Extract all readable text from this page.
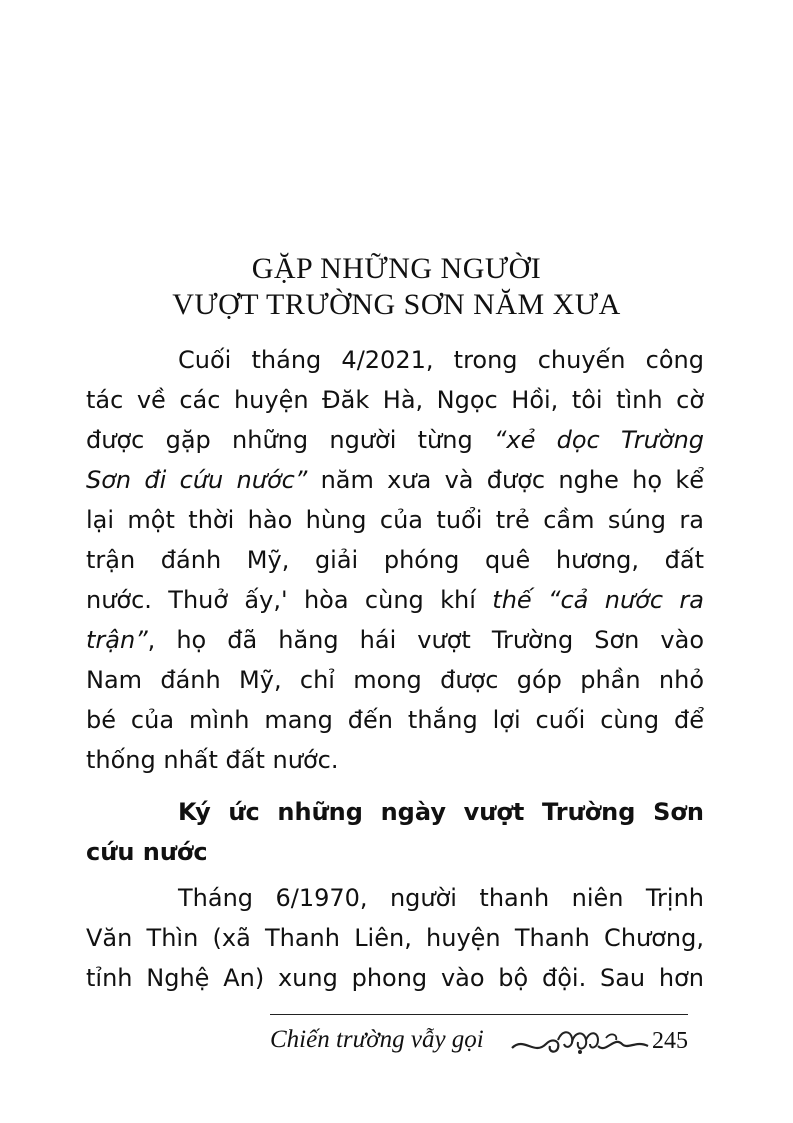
GẶP NHỮNG NGƯỜI
VƯỢT TRƯỜNG SƠN NĂM XƯA
Cuối tháng 4/2021, trong chuyến công
tác về các huyện Đăk Hà, Ngọc Hồi, tôi tình cờ
được gặp những người từng “xẻ dọc Trường
Sơn đi cứu nước” năm xưa và được nghe họ kể
lại một thời hào hùng của tuổi trẻ cầm súng ra
trận đánh Mỹ, giải phóng quê hương, đất
nước. Thuở ấy,' hòa cùng khí thế “cả nước ra
trận”, họ đã hăng hái vượt Trường Sơn vào
Nam đánh Mỹ, chỉ mong được góp phần nhỏ
bé của mình mang đến thắng lợi cuối cùng để
thống nhất đất nước.
Ký ức những ngày vượt Trường Sơn
cứu nước
Tháng 6/1970, người thanh niên Trịnh
Văn Thìn (xã Thanh Liên, huyện Thanh Chương,
tỉnh Nghệ An) xung phong vào bộ đội. Sau hơn
Chiến trường vẫy gọi	245
